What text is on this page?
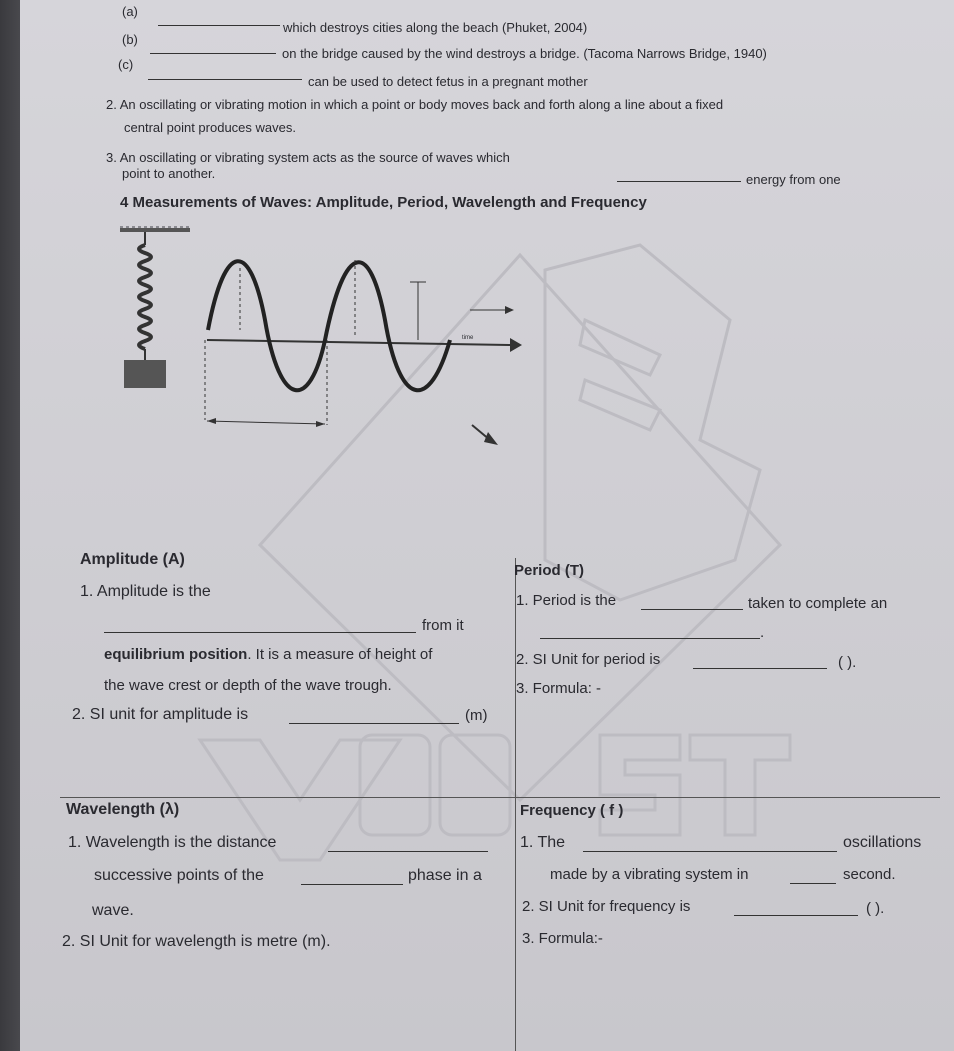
time
(a)
which destroys cities along the beach (Phuket, 2004)
(b)
on the bridge caused by the wind destroys a bridge. (Tacoma Narrows Bridge, 1940)
(c)
can be used to detect fetus in a pregnant mother
2. An oscillating or vibrating motion in which a point or body moves back and forth along a line about a fixed
central point produces waves.
3. An oscillating or vibrating system acts as the source of waves which
energy from one
point to another.
4 Measurements of Waves: Amplitude, Period, Wavelength and Frequency
Amplitude (A)
1. Amplitude is the
from it
equilibrium position. It is a measure of height of
the wave crest or depth of the wave trough.
2. SI unit for amplitude is	(m)
Period (T)
1. Period is the	taken to complete an
.
2. SI Unit for period is	( ).
3. Formula: -
Wavelength (λ)
1. Wavelength is the distance
successive points of the	phase in a
wave.
2. SI Unit for wavelength is metre (m).
Frequency ( f )
1. The	oscillations
made by a vibrating system in	second.
2. SI Unit for frequency is	( ).
3. Formula:-
